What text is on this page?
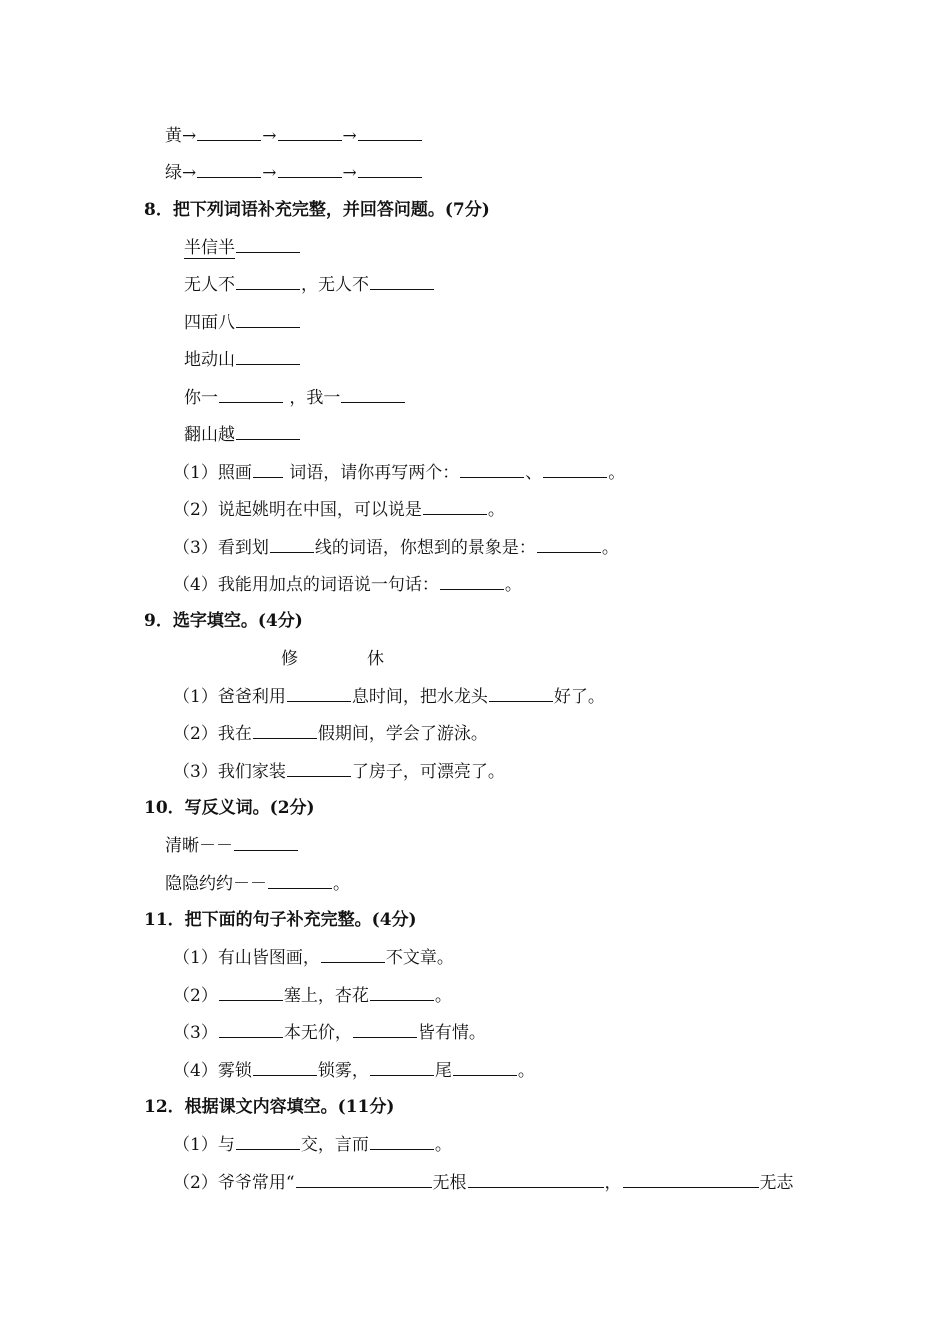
黄→	→	→
绿→	→	→
8．把下列词语补充完整，并回答问题。(7分)
半信半
无人不	，无人不
四面八
地动山
你一	，我一
翻山越
（1）照画 词语，请你再写两个：	、	。
（2）说起姚明在中国，可以说是	。
（3）看到划	线的词语，你想到的景象是：	。
（4）我能用加点的词语说一句话：	。
9．选字填空。(4分)
修	休
（1）爸爸利用	息时间，把水龙头	好了。
（2）我在	假期间，学会了游泳。
（3）我们家装	了房子，可漂亮了。
10．写反义词。(2分)
清晰－－
隐隐约约－－	。
11．把下面的句子补充完整。(4分)
（1）有山皆图画，	不文章。
（2）	塞上，杏花	。
（3）	本无价，	皆有情。
（4）雾锁	锁雾，	尾	。
12．根据课文内容填空。(11分)
（1）与	交，言而	。
（2）爷爷常用“	无根	，	无志
